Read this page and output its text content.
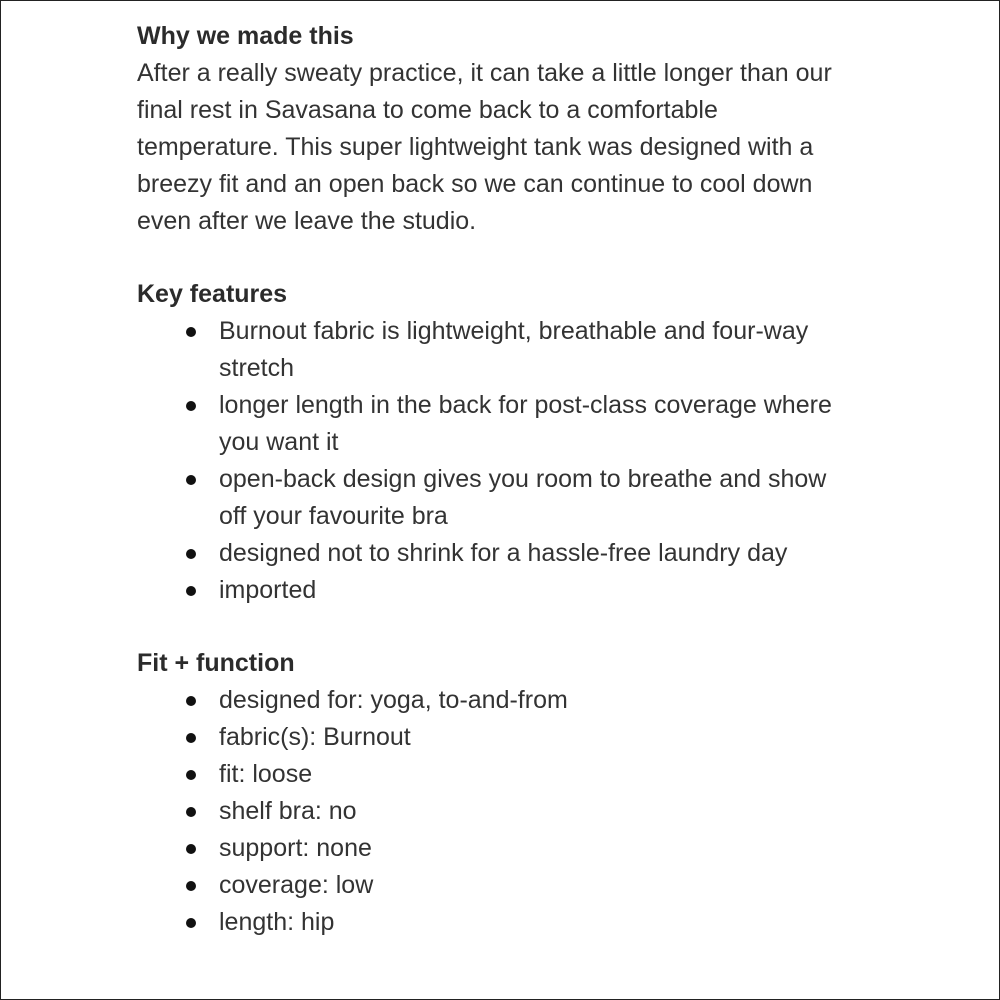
Why we made this

After a really sweaty practice, it can take a little longer than our final rest in Savasana to come back to a comfortable temperature. This super lightweight tank was designed with a breezy fit and an open back so we can continue to cool down even after we leave the studio.

Key features

Burnout fabric is lightweight, breathable and four-way stretch
longer length in the back for post-class coverage where you want it
open-back design gives you room to breathe and show off your favourite bra
designed not to shrink for a hassle-free laundry day
imported

Fit + function

designed for: yoga, to-and-from
fabric(s): Burnout
fit: loose
shelf bra: no
support: none
coverage: low
length: hip
